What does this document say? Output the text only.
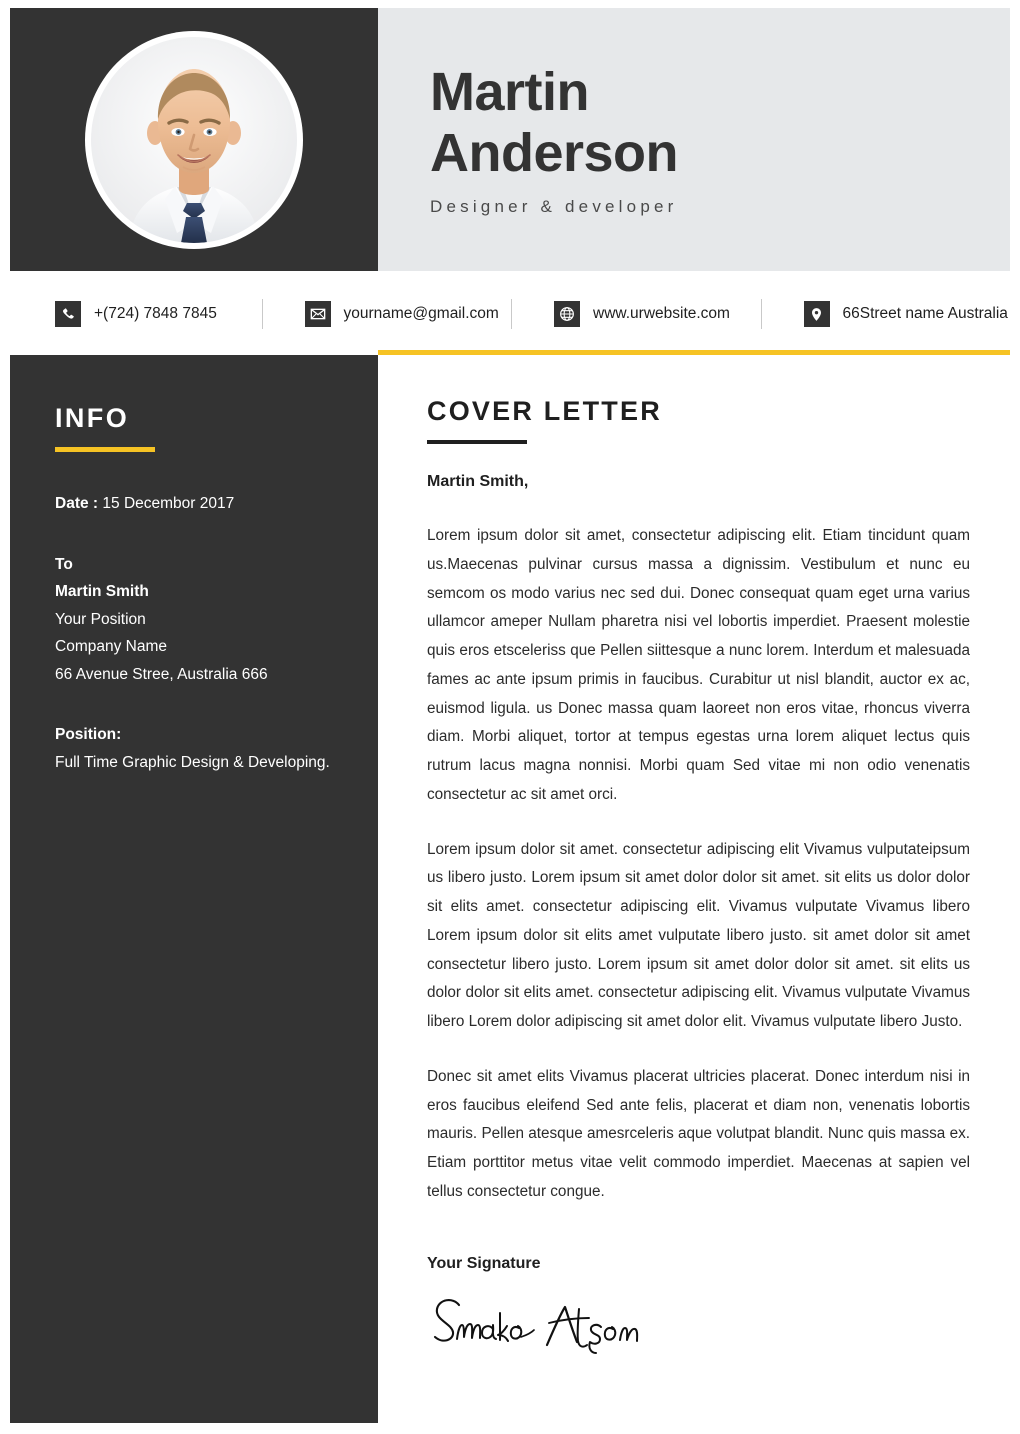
Martin
Anderson
Designer & developer
+(724) 7848 7845	yourname@gmail.com	www.urwebsite.com	66Street name Australia
INFO
Date : 15 Decembor 2017
To
Martin Smith
Your Position
Company Name
66 Avenue Stree, Australia 666
Position:
Full Time Graphic Design & Developing.
COVER LETTER
Martin Smith,

Lorem ipsum dolor sit amet, consectetur adipiscing elit. Etiam tincidunt quam us.Maecenas pulvinar cursus massa a dignissim. Vestibulum et nunc eu semcom os modo varius nec sed dui. Donec consequat quam eget urna varius ullamcor ameper Nullam pharetra nisi vel lobortis imperdiet. Praesent molestie quis eros etsceleriss que Pellen siittesque a nunc lorem. Interdum et malesuada fames ac ante ipsum primis in faucibus. Curabitur ut nisl blandit, auctor ex ac, euismod ligula. us Donec massa quam laoreet non eros vitae, rhoncus viverra diam. Morbi aliquet, tortor at tempus egestas urna lorem aliquet lectus quis rutrum lacus magna nonnisi. Morbi quam Sed vitae mi non odio venenatis consectetur ac sit amet orci.

Lorem ipsum dolor sit amet. consectetur adipiscing elit Vivamus vulputateipsum us libero justo. Lorem ipsum sit amet dolor dolor sit amet. sit elits us dolor dolor sit elits amet. consectetur adipiscing elit. Vivamus vulputate Vivamus libero Lorem ipsum dolor sit elits amet vulputate libero justo. sit amet dolor sit amet consectetur libero justo. Lorem ipsum sit amet dolor dolor sit amet. sit elits us dolor dolor sit elits amet. consectetur adipiscing elit. Vivamus vulputate Vivamus libero Lorem dolor adipiscing sit amet dolor elit. Vivamus vulputate libero Justo.

Donec sit amet elits Vivamus placerat ultricies placerat. Donec interdum nisi in eros faucibus eleifend Sed ante felis, placerat et diam non, venenatis lobortis mauris. Pellen atesque amesrceleris aque volutpat blandit. Nunc quis massa ex. Etiam porttitor metus vitae velit commodo imperdiet. Maecenas at sapien vel tellus consectetur congue.

Your Signature
